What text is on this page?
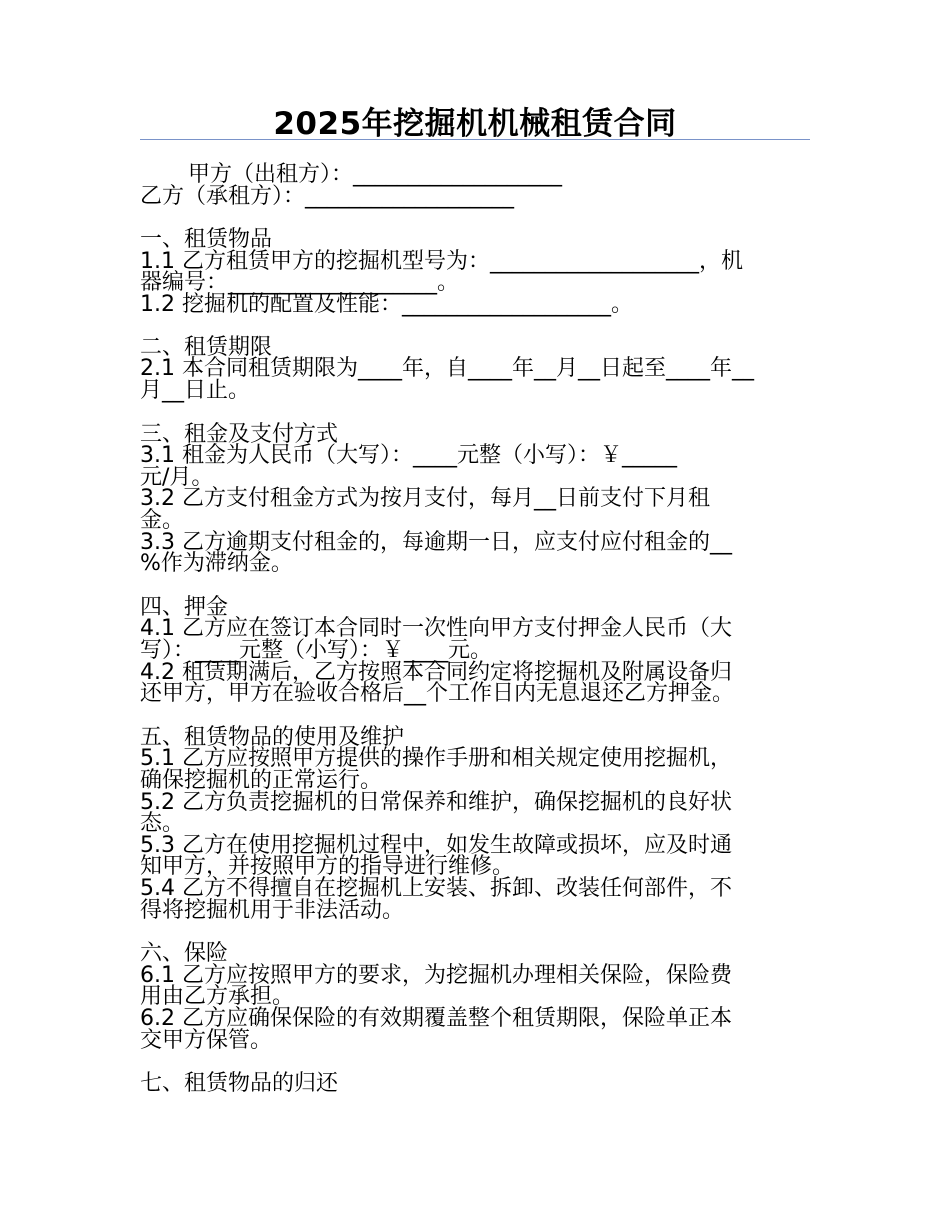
2025年挖掘机机械租赁合同
甲方（出租方）：___________________
乙方（承租方）：___________________
一、租赁物品
1.1 乙方租赁甲方的挖掘机型号为：___________________，机
器编号：___________________。
1.2 挖掘机的配置及性能：___________________。
二、租赁期限
2.1 本合同租赁期限为____年，自____年__月__日起至____年__
月__日止。
三、租金及支付方式
3.1 租金为人民币（大写）：____元整（小写）：￥_____
元/月。
3.2 乙方支付租金方式为按月支付，每月__日前支付下月租
金。
3.3 乙方逾期支付租金的，每逾期一日，应支付应付租金的__
%作为滞纳金。
四、押金
4.1 乙方应在签订本合同时一次性向甲方支付押金人民币（大
写）：____元整（小写）：￥____元。
4.2 租赁期满后，乙方按照本合同约定将挖掘机及附属设备归
还甲方，甲方在验收合格后__个工作日内无息退还乙方押金。
五、租赁物品的使用及维护
5.1 乙方应按照甲方提供的操作手册和相关规定使用挖掘机，
确保挖掘机的正常运行。
5.2 乙方负责挖掘机的日常保养和维护，确保挖掘机的良好状
态。
5.3 乙方在使用挖掘机过程中，如发生故障或损坏，应及时通
知甲方，并按照甲方的指导进行维修。
5.4 乙方不得擅自在挖掘机上安装、拆卸、改装任何部件，不
得将挖掘机用于非法活动。
六、保险
6.1 乙方应按照甲方的要求，为挖掘机办理相关保险，保险费
用由乙方承担。
6.2 乙方应确保保险的有效期覆盖整个租赁期限，保险单正本
交甲方保管。
七、租赁物品的归还
